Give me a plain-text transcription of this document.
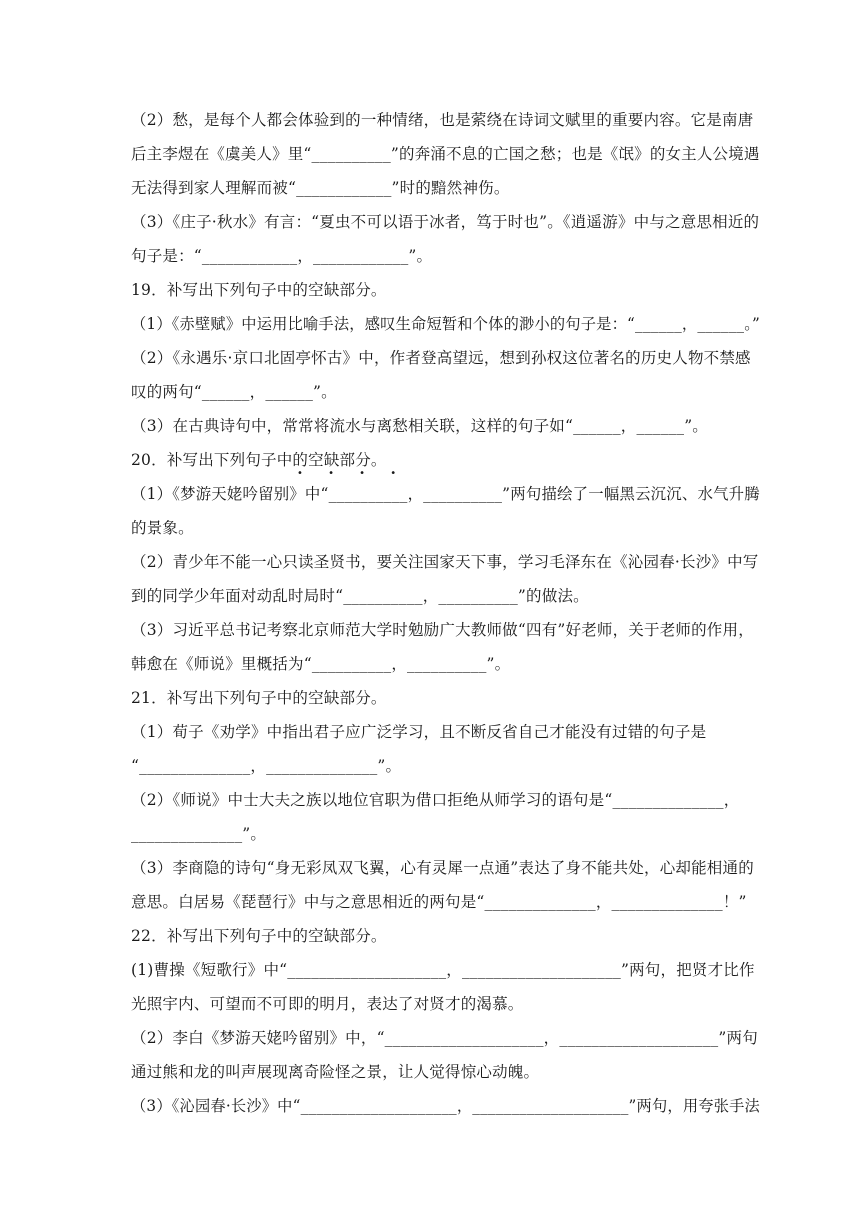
（2）愁，是每个人都会体验到的一种情绪，也是萦绕在诗词文赋里的重要内容。它是南唐
后主李煜在《虞美人》里“__________”的奔涌不息的亡国之愁；也是《氓》的女主人公境遇
无法得到家人理解而被“____________”时的黯然神伤。
（3）《庄子·秋水》有言：“夏虫不可以语于冰者，笃于时也”。《逍遥游》中与之意思相近的
句子是：“____________，____________”。
19．补写出下列句子中的空缺部分。
（1）《赤壁赋》中运用比喻手法，感叹生命短暂和个体的渺小的句子是：“______，______。”
（2）《永遇乐·京口北固亭怀古》中，作者登高望远，想到孙权这位著名的历史人物不禁感
叹的两句“______，______”。
（3）在古典诗句中，常常将流水与离愁相关联，这样的句子如“______，______”。
20．补写出下列句子中的空缺部分。
• • • •
（1）《梦游天姥吟留别》中“__________，__________”两句描绘了一幅黑云沉沉、水气升腾
的景象。
（2）青少年不能一心只读圣贤书，要关注国家天下事，学习毛泽东在《沁园春·长沙》中写
到的同学少年面对动乱时局时“__________，__________”的做法。
（3）习近平总书记考察北京师范大学时勉励广大教师做“四有”好老师，关于老师的作用，
韩愈在《师说》里概括为“__________，__________”。
21．补写出下列句子中的空缺部分。
（1）荀子《劝学》中指出君子应广泛学习，且不断反省自己才能没有过错的句子是
“______________，______________”。
（2）《师说》中士大夫之族以地位官职为借口拒绝从师学习的语句是“______________，
______________”。
（3）李商隐的诗句“身无彩凤双飞翼，心有灵犀一点通”表达了身不能共处，心却能相通的
意思。白居易《琵琶行》中与之意思相近的两句是“______________，______________！”
22．补写出下列句子中的空缺部分。
(1)曹操《短歌行》中“____________________，____________________”两句，把贤才比作
光照宇内、可望而不可即的明月，表达了对贤才的渴慕。
（2）李白《梦游天姥吟留别》中，“____________________，____________________”两句
通过熊和龙的叫声展现离奇险怪之景，让人觉得惊心动魄。
（3）《沁园春·长沙》中“____________________，____________________”两句，用夸张手法
